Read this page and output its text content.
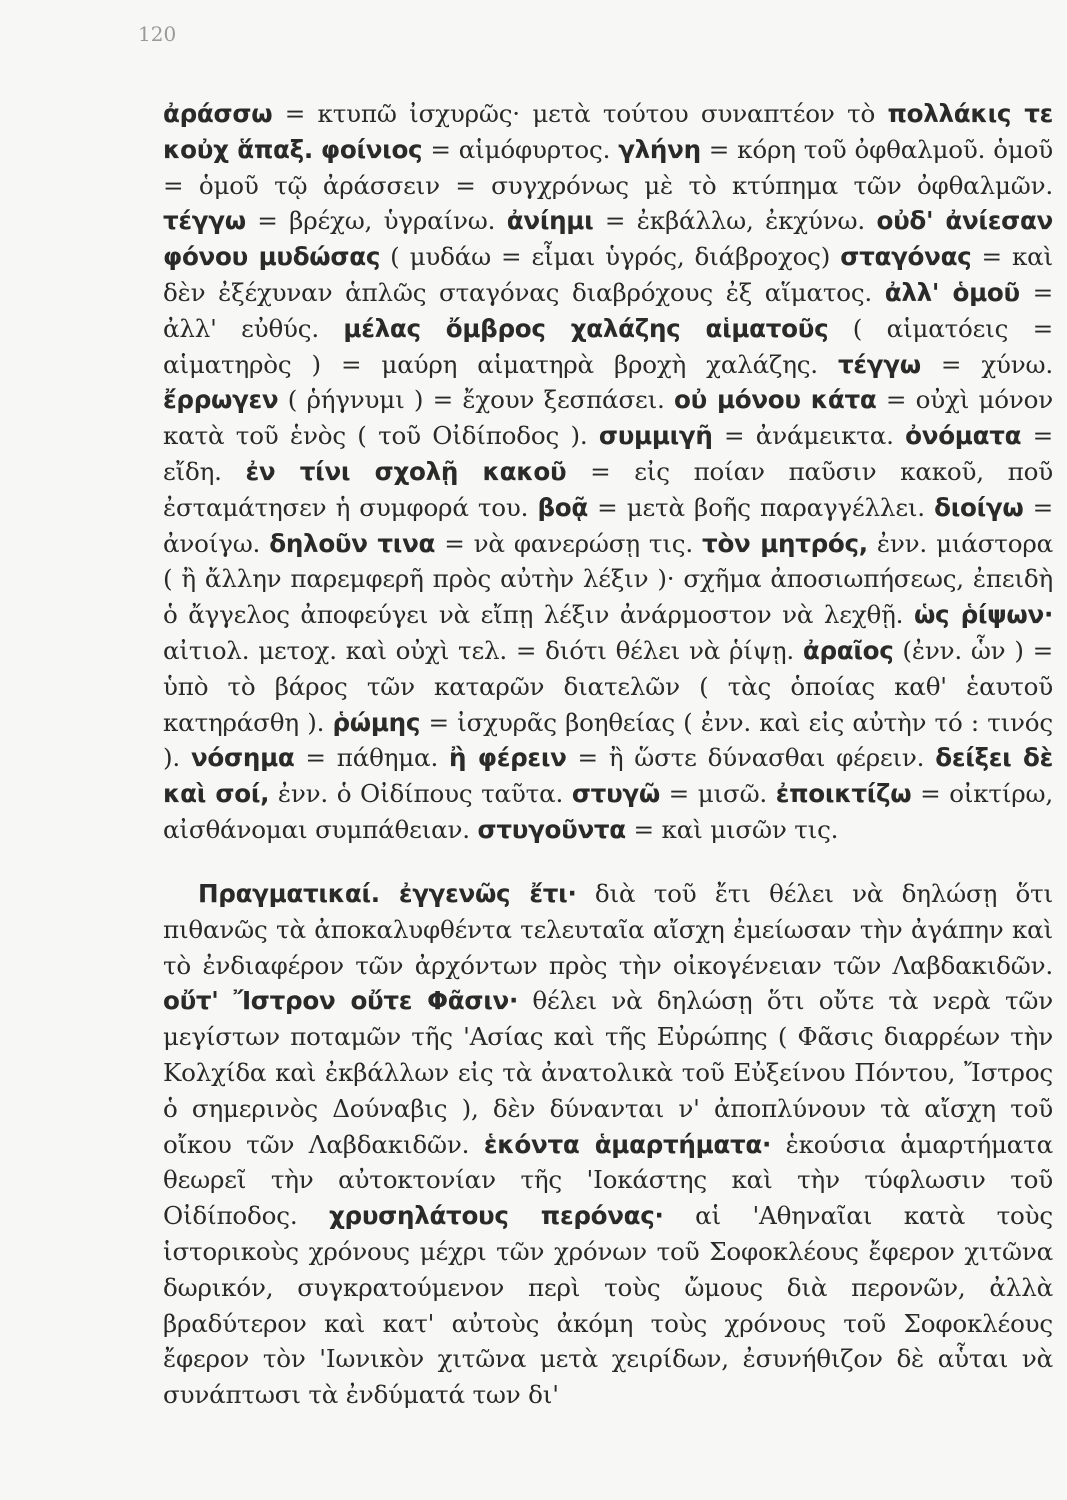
120
ἀράσσω = κτυπῶ ἰσχυρῶς· μετὰ τούτου συναπτέον τὸ πολλάκις τε κοὐχ ἅπαξ. φοίνιος = αἱμόφυρτος. γλήνη = κόρη τοῦ ὀφθαλμοῦ. ὁμοῦ = ὁμοῦ τῷ ἀράσσειν = συγχρόνως μὲ τὸ κτύπημα τῶν ὀφθαλμῶν. τέγγω = βρέχω, ὑγραίνω. ἀνίημι = ἐκβάλλω, ἐκχύνω. οὐδ' ἀνίεσαν φόνου μυδώσας ( μυδάω = εἶμαι ὑγρός, διάβροχος) σταγόνας = καὶ δὲν ἐξέχυναν ἁπλῶς σταγόνας διαβρόχους ἐξ αἵματος. ἀλλ' ὁμοῦ = ἀλλ' εὐθύς. μέλας ὄμβρος χαλάζης αἱματοῦς ( αἱματόεις = αἱματηρὸς ) = μαύρη αἱματηρὰ βροχὴ χαλάζης. τέγγω = χύνω. ἔρρωγεν ( ῥήγνυμι ) = ἔχουν ξεσπάσει. οὐ μόνου κάτα = οὐχὶ μόνον κατὰ τοῦ ἑνὸς ( τοῦ Οἰδίποδος ). συμμιγῆ = ἀνάμεικτα. ὀνόματα = εἴδη. ἐν τίνι σχολῇ κακοῦ = εἰς ποίαν παῦσιν κακοῦ, ποῦ ἐσταμάτησεν ἡ συμφορά του. βοᾷ = μετὰ βοῆς παραγγέλλει. διοίγω = ἀνοίγω. δηλοῦν τινα = νὰ φανερώσῃ τις. τὸν μητρός, ἐνν. μιάστορα ( ἢ ἄλλην παρεμφερῆ πρὸς αὐτὴν λέξιν )· σχῆμα ἀποσιωπήσεως, ἐπειδὴ ὁ ἄγγελος ἀποφεύγει νὰ εἴπῃ λέξιν ἀνάρμοστον νὰ λεχθῇ. ὡς ῥίψων· αἰτιολ. μετοχ. καὶ οὐχὶ τελ. = διότι θέλει νὰ ῥίψῃ. ἀραῖος (ἐνν. ὧν ) = ὑπὸ τὸ βάρος τῶν καταρῶν διατελῶν ( τὰς ὁποίας καθ' ἑαυτοῦ κατηράσθη ). ῥώμης = ἰσχυρᾶς βοηθείας ( ἐνν. καὶ εἰς αὐτὴν τό : τινός ). νόσημα = πάθημα. ἢ φέρειν = ἢ ὥστε δύνασθαι φέρειν. δείξει δὲ καὶ σοί, ἐνν. ὁ Οἰδίπους ταῦτα. στυγῶ = μισῶ. ἐποικτίζω = οἰκτίρω, αἰσθάνομαι συμπάθειαν. στυγοῦντα = καὶ μισῶν τις.
Πραγματικαί. ἐγγενῶς ἔτι· διὰ τοῦ ἔτι θέλει νὰ δηλώσῃ ὅτι πιθανῶς τὰ ἀποκαλυφθέντα τελευταῖα αἴσχη ἐμείωσαν τὴν ἀγάπην καὶ τὸ ἐνδιαφέρον τῶν ἀρχόντων πρὸς τὴν οἰκογένειαν τῶν Λαβδακιδῶν. οὔτ' Ἴστρον οὔτε Φᾶσιν· θέλει νὰ δηλώσῃ ὅτι οὔτε τὰ νερὰ τῶν μεγίστων ποταμῶν τῆς 'Ασίας καὶ τῆς Εὐρώπης ( Φᾶσις διαρρέων τὴν Κολχίδα καὶ ἐκβάλλων εἰς τὰ ἀνατολικὰ τοῦ Εὐξείνου Πόντου, Ἴστρος ὁ σημερινὸς Δούναβις ), δὲν δύνανται ν' ἀποπλύνουν τὰ αἴσχη τοῦ οἴκου τῶν Λαβδακιδῶν. ἑκόντα ἁμαρτήματα· ἑκούσια ἁμαρτήματα θεωρεῖ τὴν αὐτοκτονίαν τῆς 'Ιοκάστης καὶ τὴν τύφλωσιν τοῦ Οἰδίποδος. χρυσηλάτους περόνας· αἱ 'Αθηναῖαι κατὰ τοὺς ἱστορικοὺς χρόνους μέχρι τῶν χρόνων τοῦ Σοφοκλέους ἔφερον χιτῶνα δωρικόν, συγκρατούμενον περὶ τοὺς ὤμους διὰ περονῶν, ἀλλὰ βραδύτερον καὶ κατ' αὐτοὺς ἀκόμη τοὺς χρόνους τοῦ Σοφοκλέους ἔφερον τὸν 'Ιωνικὸν χιτῶνα μετὰ χειρίδων, ἐσυνήθιζον δὲ αὗται νὰ συνάπτωσι τὰ ἐνδύματά των δι'
